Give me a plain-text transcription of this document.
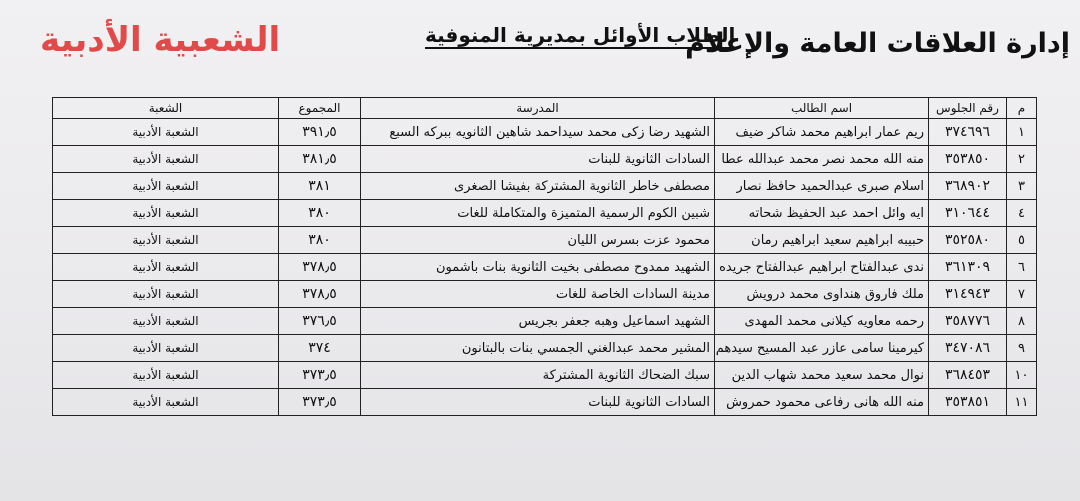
إدارة العلاقات العامة والإعلام
الطلاب الأوائل بمديرية المنوفية
الشعبية الأدبية
م	رقم الجلوس	اسم الطالب	المدرسة	المجموع	الشعبة
١	٣٧٤٦٩٦	ريم عمار ابراهيم محمد شاكر ضيف	الشهيد رضا زكى محمد سيداحمد شاهين الثانويه ببركه السبع	٣٩١٫٥	الشعبة الأدبية
٢	٣٥٣٨٥٠	منه الله محمد نصر محمد عبدالله عطا	السادات الثانوية للبنات	٣٨١٫٥	الشعبة الأدبية
٣	٣٦٨٩٠٢	اسلام صبرى عبدالحميد حافظ نصار	مصطفى خاطر الثانوية المشتركة بفيشا الصغرى	٣٨١	الشعبة الأدبية
٤	٣١٠٦٤٤	ايه وائل احمد عبد الحفيظ شحاته	شبين الكوم الرسمية المتميزة والمتكاملة للغات	٣٨٠	الشعبة الأدبية
٥	٣٥٢٥٨٠	حبيبه ابراهيم سعيد ابراهيم رمان	محمود عزت بسرس الليان	٣٨٠	الشعبة الأدبية
٦	٣٦١٣٠٩	ندى عبدالفتاح ابراهيم عبدالفتاح جريده	الشهيد ممدوح مصطفى بخيت الثانوية بنات باشمون	٣٧٨٫٥	الشعبة الأدبية
٧	٣١٤٩٤٣	ملك فاروق هنداوى محمد درويش	مدينة السادات الخاصة للغات	٣٧٨٫٥	الشعبة الأدبية
٨	٣٥٨٧٧٦	رحمه معاويه كيلانى محمد المهدى	الشهيد اسماعيل وهبه جعفر بجريس	٣٧٦٫٥	الشعبة الأدبية
٩	٣٤٧٠٨٦	كيرمينا سامى عازر عبد المسيح سيدهم	المشير محمد عبدالغني الجمسي بنات بالبتانون	٣٧٤	الشعبة الأدبية
١٠	٣٦٨٤٥٣	نوال محمد سعيد محمد شهاب الدين	سبك الضحاك الثانوية المشتركة	٣٧٣٫٥	الشعبة الأدبية
١١	٣٥٣٨٥١	منه الله هانى رفاعى محمود حمروش	السادات الثانوية للبنات	٣٧٣٫٥	الشعبة الأدبية
